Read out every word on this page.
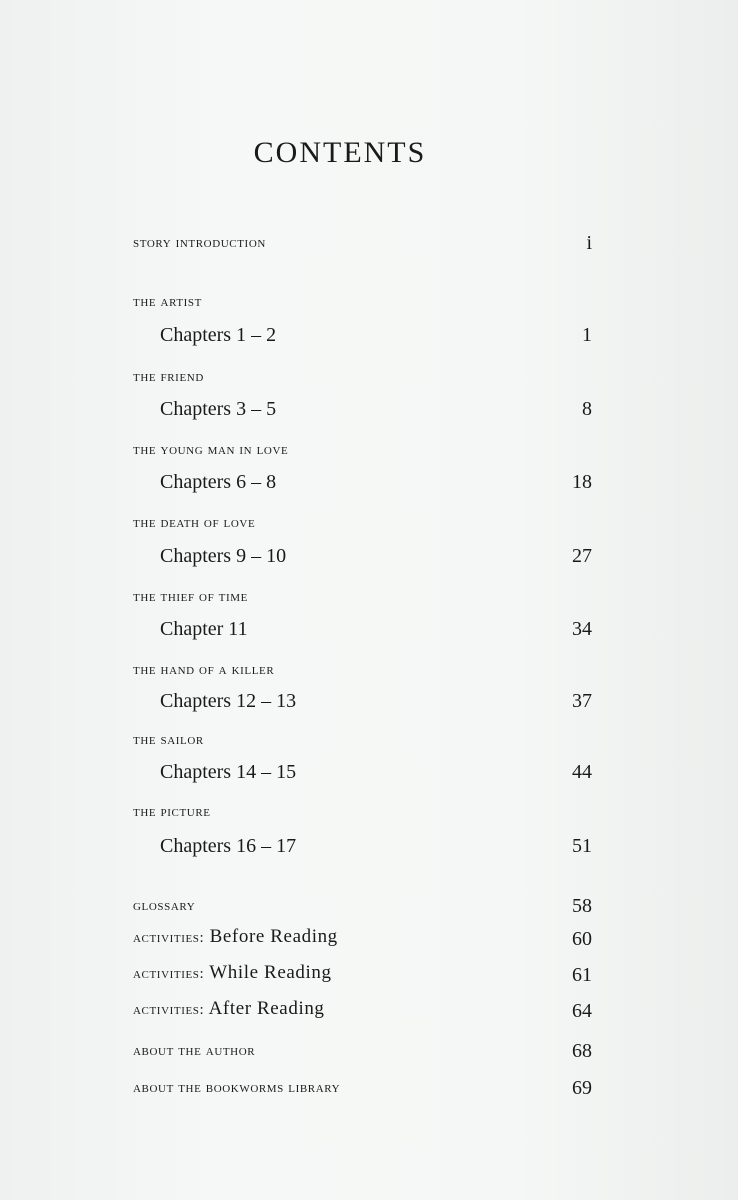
CONTENTS
story introduction	i
the artist
Chapters 1 – 2	1
the friend
Chapters 3 – 5	8
the young man in love
Chapters 6 – 8	18
the death of love
Chapters 9 – 10	27
the thief of time
Chapter 11	34
the hand of a killer
Chapters 12 – 13	37
the sailor
Chapters 14 – 15	44
the picture
Chapters 16 – 17	51
glossary	58
activities: Before Reading	60
activities: While Reading	61
activities: After Reading	64
about the author	68
about the bookworms library	69
